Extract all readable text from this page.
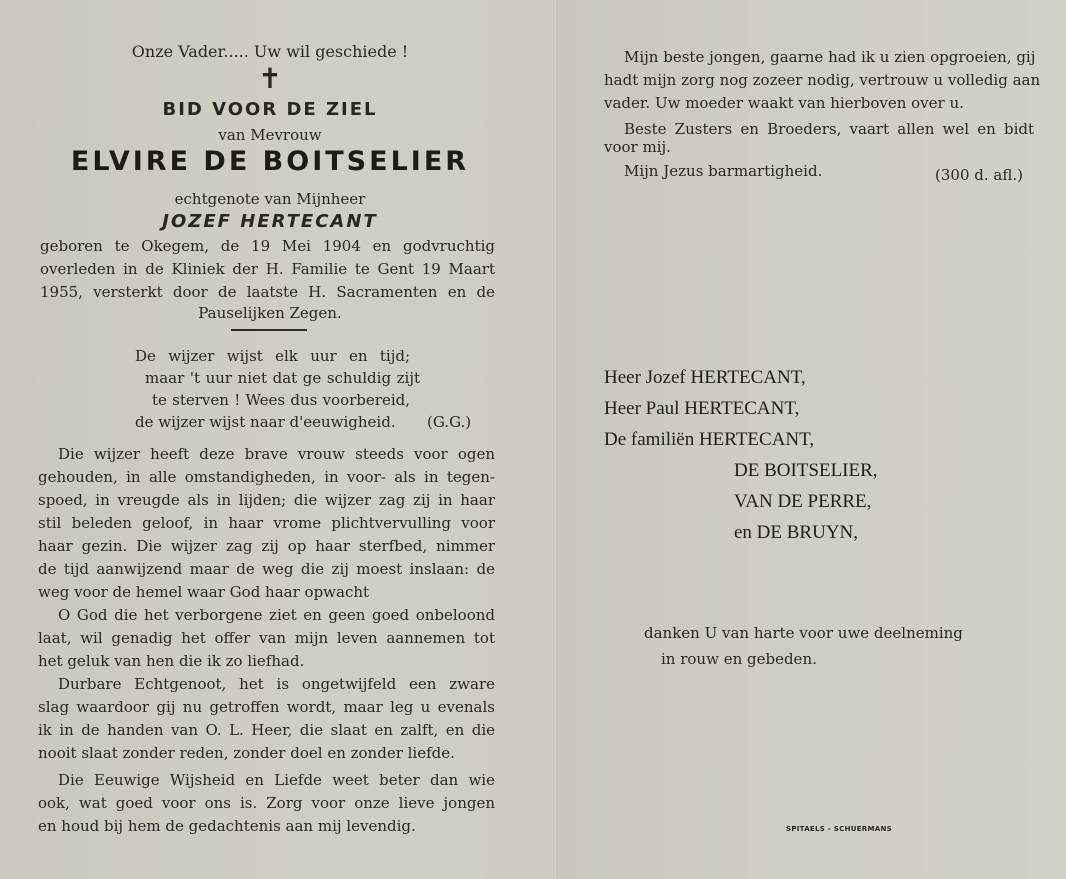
Onze Vader..... Uw wil geschiede !
✝
BID VOOR DE ZIEL
van Mevrouw
ELVIRE DE BOITSELIER
echtgenote van Mijnheer
JOZEF HERTECANT
geboren te Okegem, de 19 Mei 1904 en godvruchtig
overleden in de Kliniek der H. Familie te Gent 19 Maart
1955, versterkt door de laatste H. Sacramenten en de
Pauselijken Zegen.
De wijzer wijst elk uur en tijd;
maar 't uur niet dat ge schuldig zijt
te sterven ! Wees dus voorbereid,
de wijzer wijst naar d'eeuwigheid. (G.G.)
Die wijzer heeft deze brave vrouw steeds voor ogen
gehouden, in alle omstandigheden, in voor- als in tegen-
spoed, in vreugde als in lijden; die wijzer zag zij in haar
stil beleden geloof, in haar vrome plichtvervulling voor
haar gezin. Die wijzer zag zij op haar sterfbed, nimmer
de tijd aanwijzend maar de weg die zij moest inslaan: de
weg voor de hemel waar God haar opwacht
O God die het verborgene ziet en geen goed onbeloond
laat, wil genadig het offer van mijn leven aannemen tot
het geluk van hen die ik zo liefhad.
Durbare Echtgenoot, het is ongetwijfeld een zware
slag waardoor gij nu getroffen wordt, maar leg u evenals
ik in de handen van O. L. Heer, die slaat en zalft, en die
nooit slaat zonder reden, zonder doel en zonder liefde.
Die Eeuwige Wijsheid en Liefde weet beter dan wie
ook, wat goed voor ons is. Zorg voor onze lieve jongen
en houd bij hem de gedachtenis aan mij levendig.
Mijn beste jongen, gaarne had ik u zien opgroeien, gij
hadt mijn zorg nog zozeer nodig, vertrouw u volledig aan
vader. Uw moeder waakt van hierboven over u.
Beste Zusters en Broeders, vaart allen wel en bidt
voor mij.
Mijn Jezus barmartigheid.	(300 d. afl.)
Heer Jozef HERTECANT,
Heer Paul HERTECANT,
De familiën HERTECANT,
DE BOITSELIER,
VAN DE PERRE,
en DE BRUYN,
danken U van harte voor uwe deelneming
in rouw en gebeden.
SPITAELS - SCHUERMANS
